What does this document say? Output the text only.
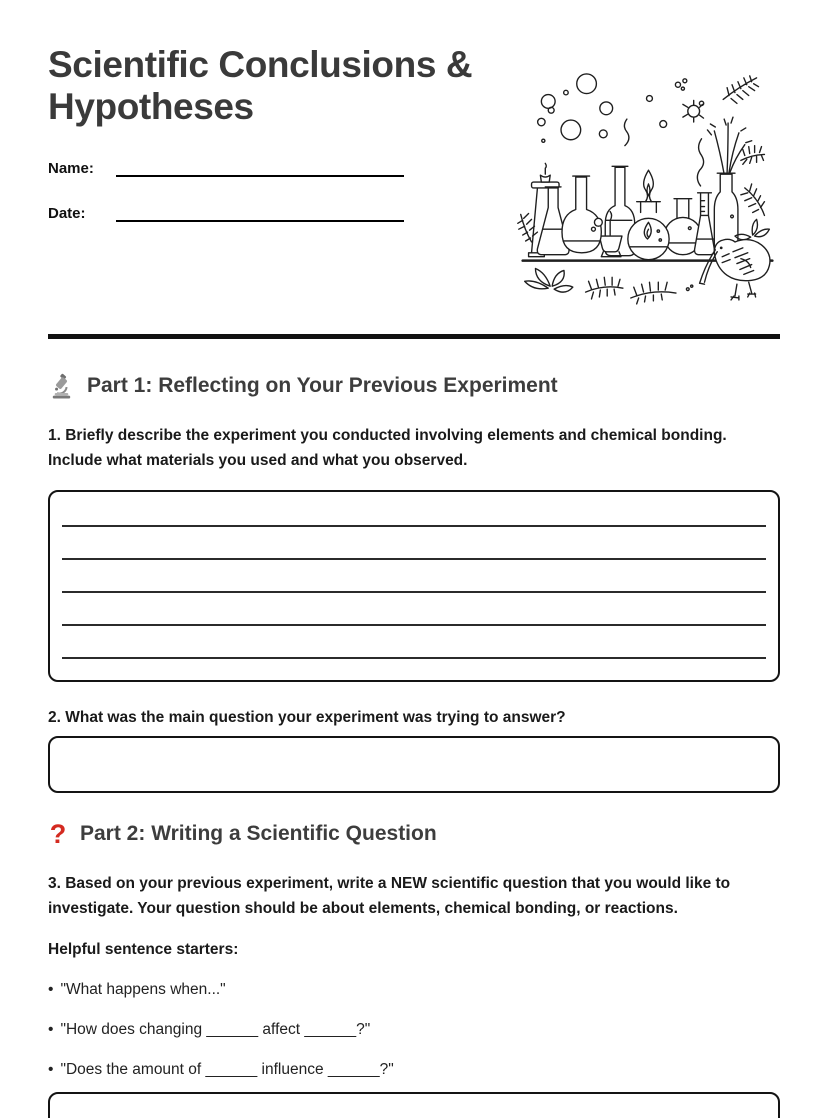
Scientific Conclusions & Hypotheses
Name:
Date:
Part 1: Reflecting on Your Previous Experiment

1. Briefly describe the experiment you conducted involving elements and chemical bonding. Include what materials you used and what you observed.

2. What was the main question your experiment was trying to answer?

? Part 2: Writing a Scientific Question

3. Based on your previous experiment, write a NEW scientific question that you would like to investigate. Your question should be about elements, chemical bonding, or reactions.

Helpful sentence starters:

• "What happens when..."

• "How does changing ______ affect ______?"

• "Does the amount of ______ influence ______?"
